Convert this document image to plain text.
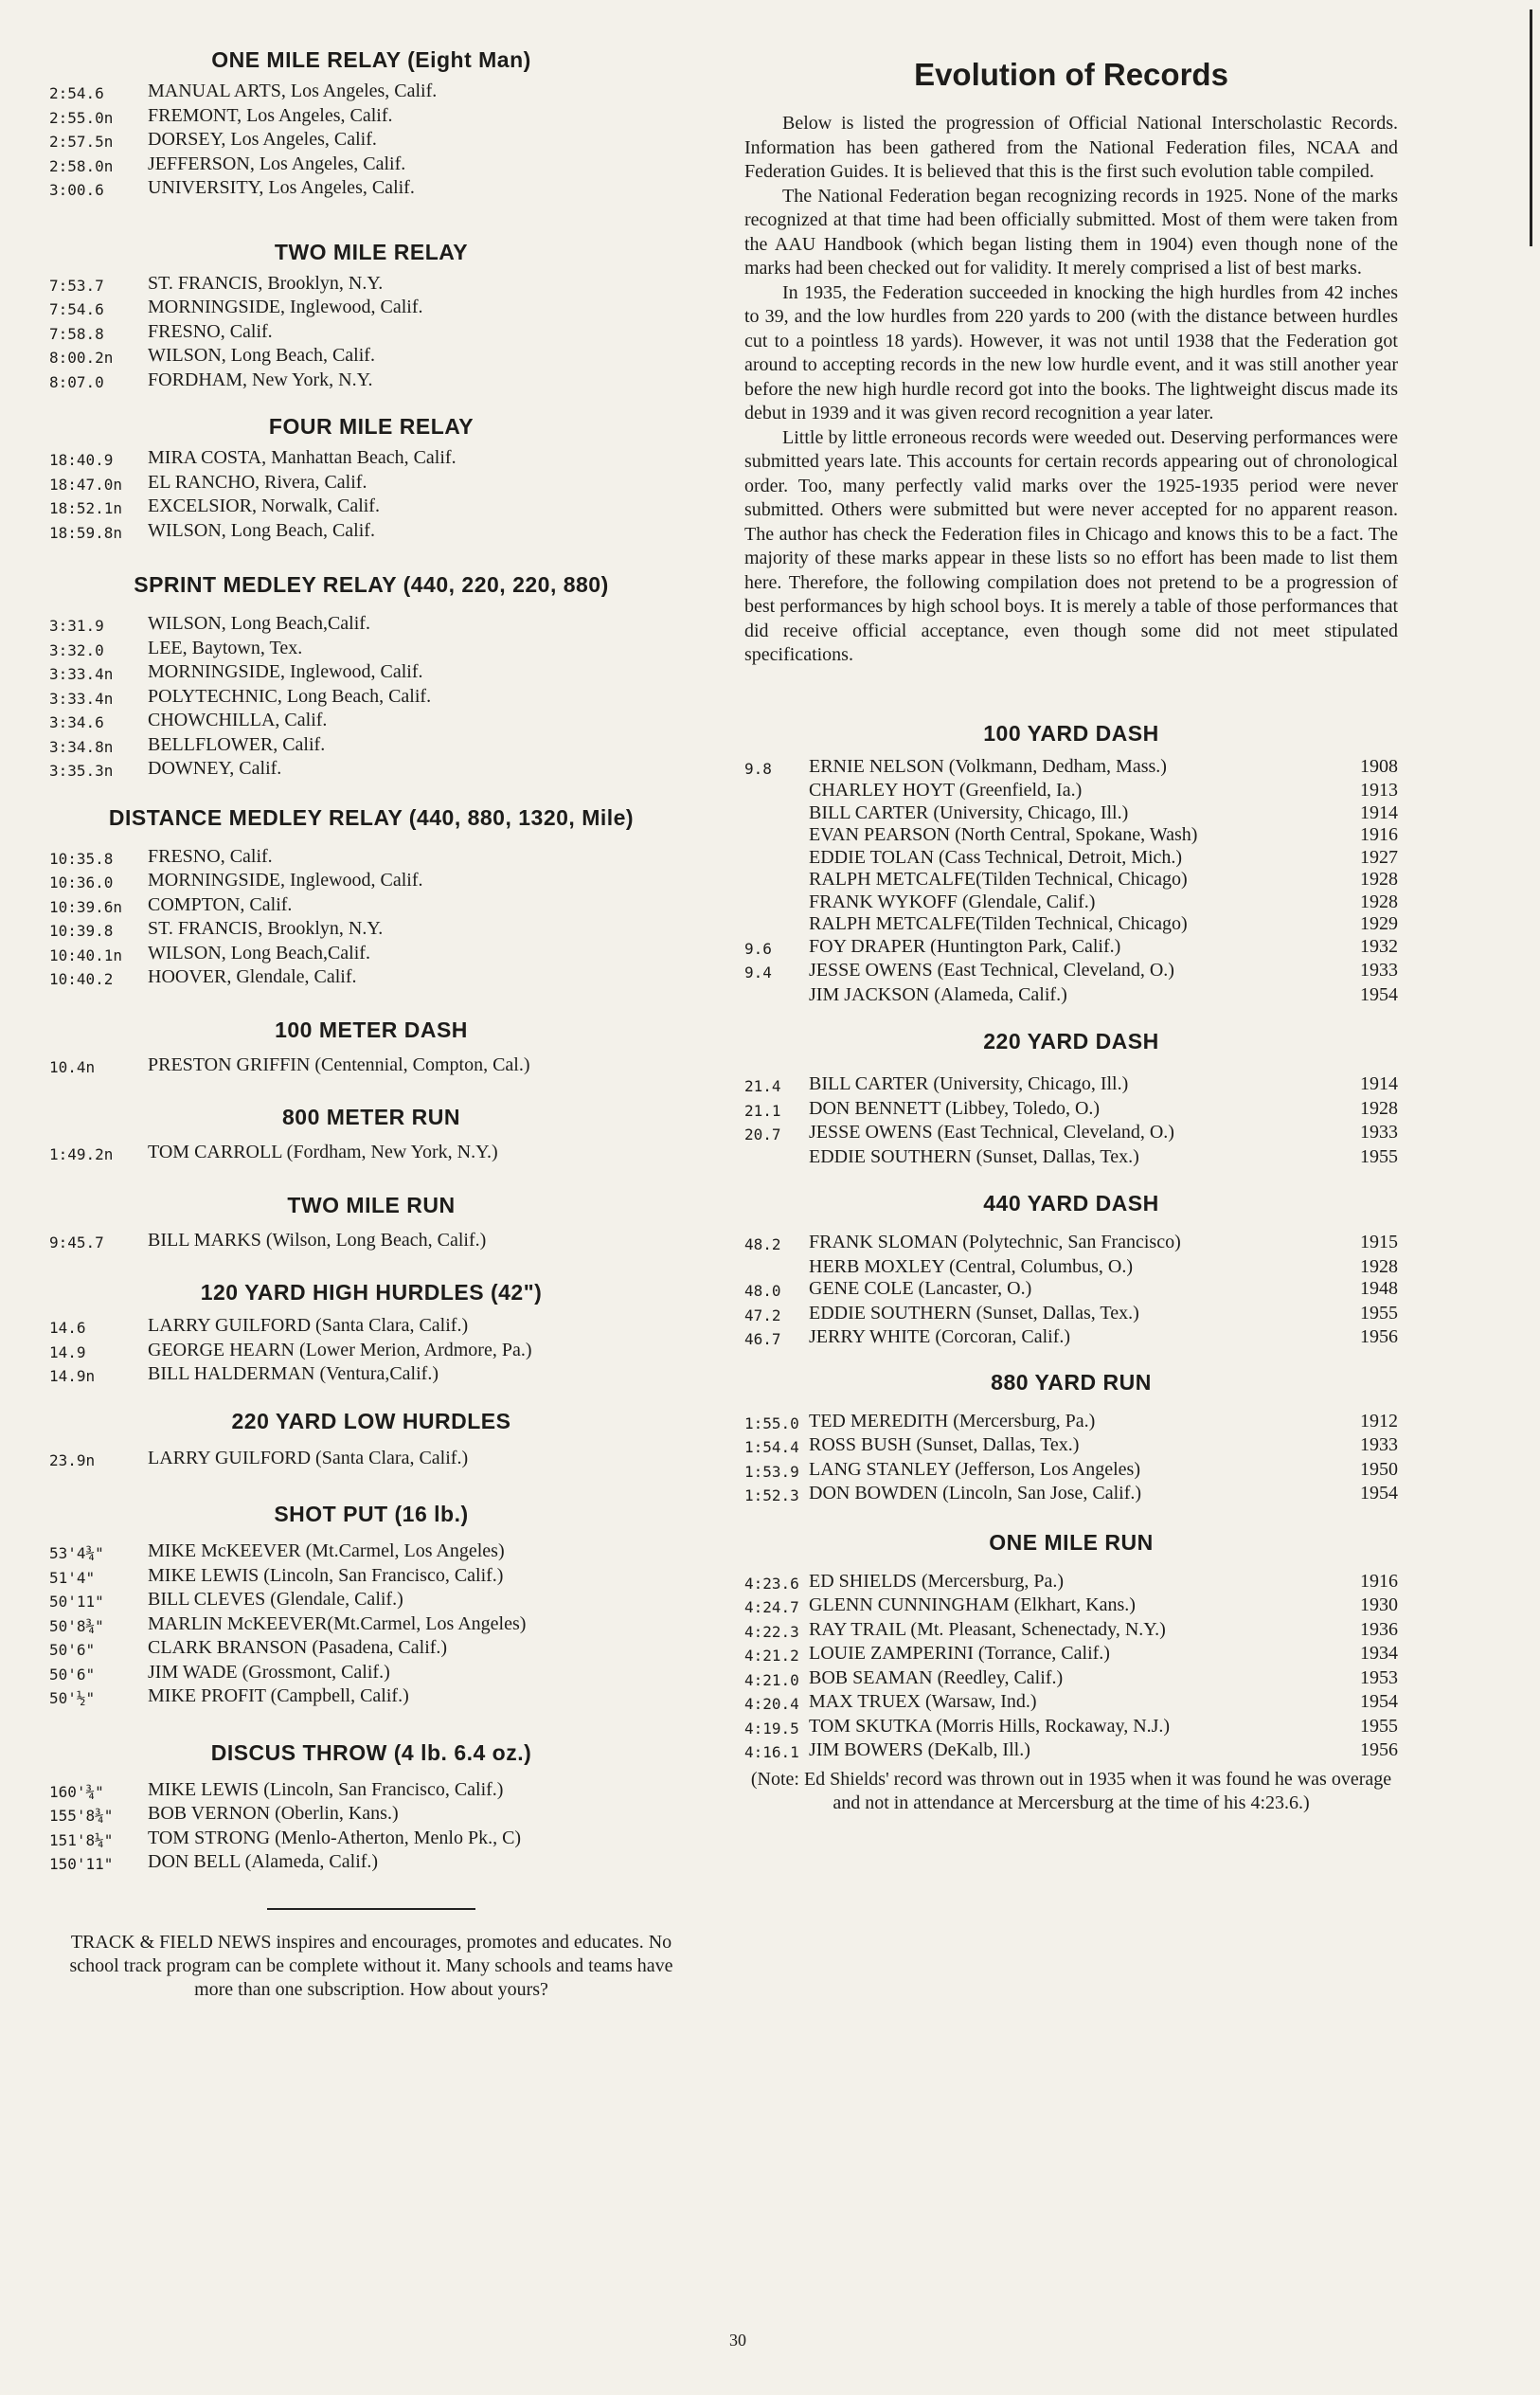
ONE MILE RELAY (Eight Man)
2:54.6	MANUAL ARTS, Los Angeles, Calif.
2:55.0n	FREMONT, Los Angeles, Calif.
2:57.5n	DORSEY, Los Angeles, Calif.
2:58.0n	JEFFERSON, Los Angeles, Calif.
3:00.6	UNIVERSITY, Los Angeles, Calif.
TWO MILE RELAY
7:53.7	ST. FRANCIS, Brooklyn, N.Y.
7:54.6	MORNINGSIDE, Inglewood, Calif.
7:58.8	FRESNO, Calif.
8:00.2n	WILSON, Long Beach, Calif.
8:07.0	FORDHAM, New York, N.Y.
FOUR MILE RELAY
18:40.9	MIRA COSTA, Manhattan Beach, Calif.
18:47.0n	EL RANCHO, Rivera, Calif.
18:52.1n	EXCELSIOR, Norwalk, Calif.
18:59.8n	WILSON, Long Beach, Calif.
SPRINT MEDLEY RELAY (440, 220, 220, 880)
3:31.9	WILSON, Long Beach,Calif.
3:32.0	LEE, Baytown, Tex.
3:33.4n	MORNINGSIDE, Inglewood, Calif.
3:33.4n	POLYTECHNIC, Long Beach, Calif.
3:34.6	CHOWCHILLA, Calif.
3:34.8n	BELLFLOWER, Calif.
3:35.3n	DOWNEY, Calif.
DISTANCE MEDLEY RELAY (440, 880, 1320, Mile)
10:35.8	FRESNO, Calif.
10:36.0	MORNINGSIDE, Inglewood, Calif.
10:39.6n	COMPTON, Calif.
10:39.8	ST. FRANCIS, Brooklyn, N.Y.
10:40.1n	WILSON, Long Beach,Calif.
10:40.2	HOOVER, Glendale, Calif.
100 METER DASH
10.4n	PRESTON GRIFFIN (Centennial, Compton, Cal.)
800 METER RUN
1:49.2n	TOM CARROLL (Fordham, New York, N.Y.)
TWO MILE RUN
9:45.7	BILL MARKS (Wilson, Long Beach, Calif.)
120 YARD HIGH HURDLES (42")
14.6	LARRY GUILFORD (Santa Clara, Calif.)
14.9	GEORGE HEARN (Lower Merion, Ardmore, Pa.)
14.9n	BILL HALDERMAN (Ventura,Calif.)
220 YARD LOW HURDLES
23.9n	LARRY GUILFORD (Santa Clara, Calif.)
SHOT PUT (16 lb.)
53'4¾"	MIKE McKEEVER (Mt.Carmel, Los Angeles)
51'4"	MIKE LEWIS (Lincoln, San Francisco, Calif.)
50'11"	BILL CLEVES (Glendale, Calif.)
50'8¾"	MARLIN McKEEVER(Mt.Carmel, Los Angeles)
50'6"	CLARK BRANSON (Pasadena, Calif.)
50'6"	JIM WADE (Grossmont, Calif.)
50'½"	MIKE PROFIT (Campbell, Calif.)
DISCUS THROW (4 lb. 6.4 oz.)
160'¾"	MIKE LEWIS (Lincoln, San Francisco, Calif.)
155'8¾"	BOB VERNON (Oberlin, Kans.)
151'8¼"	TOM STRONG (Menlo-Atherton, Menlo Pk., C)
150'11"	DON BELL (Alameda, Calif.)

TRACK & FIELD NEWS inspires and encourages, promotes and educates. No school track program can be complete without it. Many schools and teams have more than one subscription. How about yours?

Evolution of Records

Below is listed the progression of Official National Interscholastic Records. Information has been gathered from the National Federation files, NCAA and Federation Guides. It is believed that this is the first such evolution table compiled.

The National Federation began recognizing records in 1925. None of the marks recognized at that time had been officially submitted. Most of them were taken from the AAU Handbook (which began listing them in 1904) even though none of the marks had been checked out for validity. It merely comprised a list of best marks.

In 1935, the Federation succeeded in knocking the high hurdles from 42 inches to 39, and the low hurdles from 220 yards to 200 (with the distance between hurdles cut to a pointless 18 yards). However, it was not until 1938 that the Federation got around to accepting records in the new low hurdle event, and it was still another year before the new high hurdle record got into the books. The lightweight discus made its debut in 1939 and it was given record recognition a year later.

Little by little erroneous records were weeded out. Deserving performances were submitted years late. This accounts for certain records appearing out of chronological order. Too, many perfectly valid marks over the 1925-1935 period were never submitted. Others were submitted but were never accepted for no apparent reason. The author has check the Federation files in Chicago and knows this to be a fact. The majority of these marks appear in these lists so no effort has been made to list them here. Therefore, the following compilation does not pretend to be a progression of best performances by high school boys. It is merely a table of those performances that did receive official acceptance, even though some did not meet stipulated specifications.

100 YARD DASH
9.8	ERNIE NELSON (Volkmann, Dedham, Mass.)	1908
CHARLEY HOYT (Greenfield, Ia.)	1913
BILL CARTER (University, Chicago, Ill.)	1914
EVAN PEARSON (North Central, Spokane, Wash)	1916
EDDIE TOLAN (Cass Technical, Detroit, Mich.)	1927
RALPH METCALFE(Tilden Technical, Chicago)	1928
FRANK WYKOFF (Glendale, Calif.)	1928
RALPH METCALFE(Tilden Technical, Chicago)	1929
9.6	FOY DRAPER (Huntington Park, Calif.)	1932
9.4	JESSE OWENS (East Technical, Cleveland, O.)	1933
JIM JACKSON (Alameda, Calif.)	1954
220 YARD DASH
21.4	BILL CARTER (University, Chicago, Ill.)	1914
21.1	DON BENNETT (Libbey, Toledo, O.)	1928
20.7	JESSE OWENS (East Technical, Cleveland, O.)	1933
EDDIE SOUTHERN (Sunset, Dallas, Tex.)	1955
440 YARD DASH
48.2	FRANK SLOMAN (Polytechnic, San Francisco)	1915
HERB MOXLEY (Central, Columbus, O.)	1928
48.0	GENE COLE (Lancaster, O.)	1948
47.2	EDDIE SOUTHERN (Sunset, Dallas, Tex.)	1955
46.7	JERRY WHITE (Corcoran, Calif.)	1956
880 YARD RUN
1:55.0 TED MEREDITH (Mercersburg, Pa.)	1912
1:54.4 ROSS BUSH (Sunset, Dallas, Tex.)	1933
1:53.9 LANG STANLEY (Jefferson, Los Angeles)	1950
1:52.3 DON BOWDEN (Lincoln, San Jose, Calif.)	1954
ONE MILE RUN
4:23.6 ED SHIELDS (Mercersburg, Pa.)	1916
4:24.7 GLENN CUNNINGHAM (Elkhart, Kans.)	1930
4:22.3 RAY TRAIL (Mt. Pleasant, Schenectady, N.Y.)	1936
4:21.2 LOUIE ZAMPERINI (Torrance, Calif.)	1934
4:21.0 BOB SEAMAN (Reedley, Calif.)	1953
4:20.4 MAX TRUEX (Warsaw, Ind.)	1954
4:19.5 TOM SKUTKA (Morris Hills, Rockaway, N.J.)	1955
4:16.1 JIM BOWERS (DeKalb, Ill.)	1956

(Note: Ed Shields' record was thrown out in 1935 when it was found he was overage and not in attendance at Mercersburg at the time of his 4:23.6.)

30
